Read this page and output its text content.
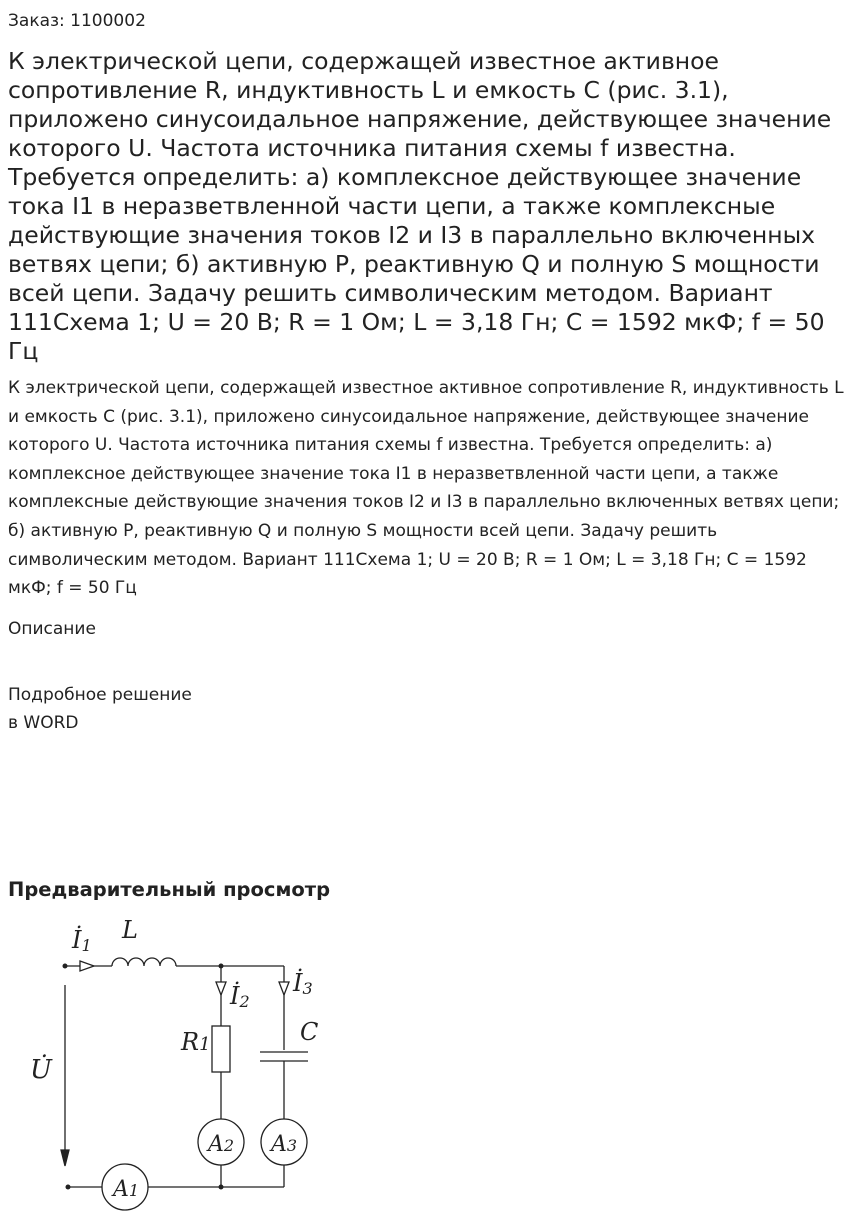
Заказ: 1100002
К электрической цепи, содержащей известное активное сопротивление R, индуктивность L и емкость C (рис. 3.1), приложено синусоидальное напряжение, действующее значение которого U. Частота источника питания схемы f известна. Требуется определить: а) комплексное действующее значение тока I1 в неразветвленной части цепи, а также комплексные действующие значения токов I2 и I3 в параллельно включенных ветвях цепи; б) активную P, реактивную Q и полную S мощности всей цепи. Задачу решить символическим методом. Вариант 111Схема 1; U = 20 В; R = 1 Ом; L = 3,18 Гн; C = 1592 мкФ; f = 50 Гц
К электрической цепи, содержащей известное активное сопротивление R, индуктивность L и емкость C (рис. 3.1), приложено синусоидальное напряжение, действующее значение которого U. Частота источника питания схемы f известна. Требуется определить: а) комплексное действующее значение тока I1 в неразветвленной части цепи, а также комплексные действующие значения токов I2 и I3 в параллельно включенных ветвях цепи; б) активную P, реактивную Q и полную S мощности всей цепи. Задачу решить символическим методом. Вариант 111Схема 1; U = 20 В; R = 1 Ом; L = 3,18 Гн; C = 1592 мкФ; f = 50 Гц
Описание
Подробное решение
в WORD
Предварительный просмотр
İ1
L
İ2
İ3
R1	C
U̇
A1
A2 A3
